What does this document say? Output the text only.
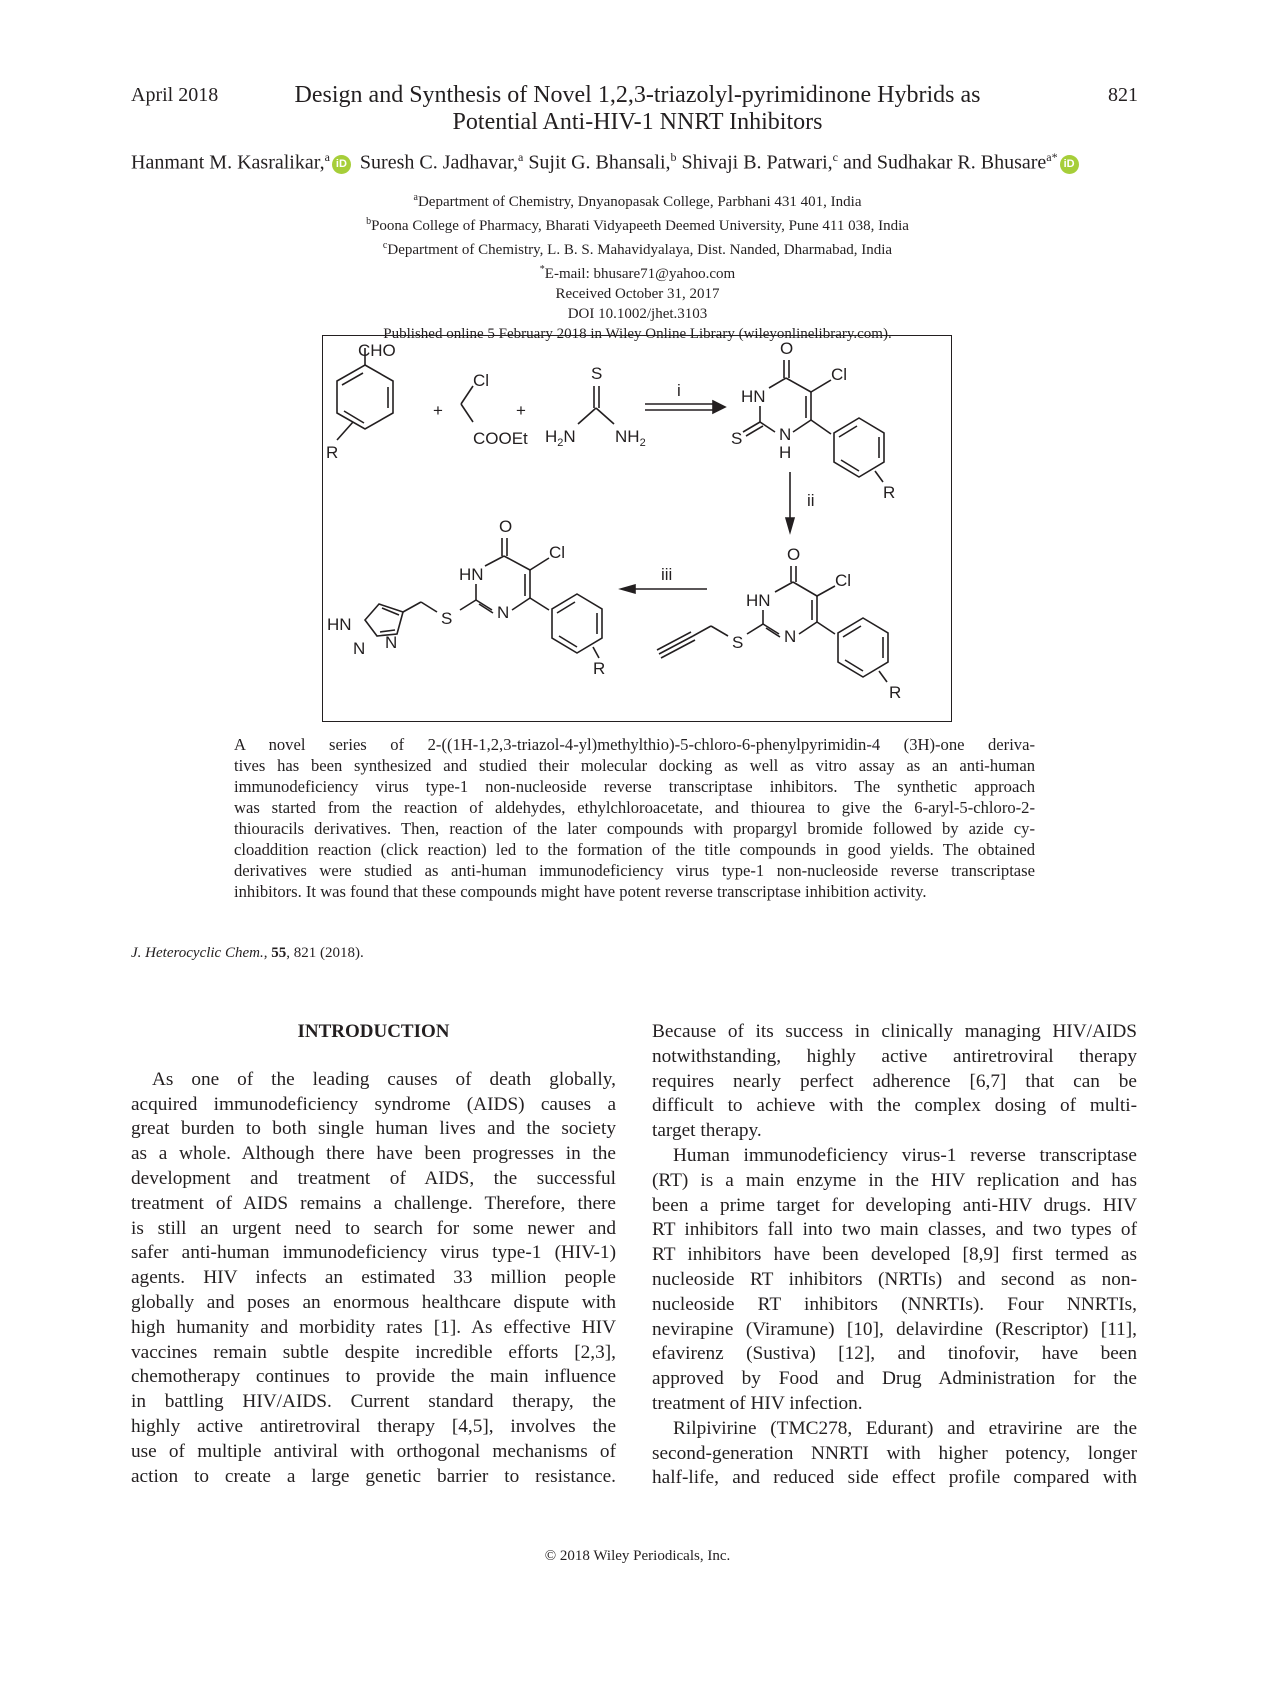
April 2018	Design and Synthesis of Novel 1,2,3-triazolyl-pyrimidinone Hybrids as
Potential Anti-HIV-1 NNRT Inhibitors
821
Hanmant M. Kasralikar,$^a$ iD Suresh C. Jadhavar,$^a$ Sujit G. Bhansali,$^b$ Shivaji B. Patwari,$^c$ and Sudhakar R. Bhusare$^{a*}$ iD
$^a$Department of Chemistry, Dnyanopasak College, Parbhani 431 401, India
$^b$Poona College of Pharmacy, Bharati Vidyapeeth Deemed University, Pune 411 038, India
$^c$Department of Chemistry, L. B. S. Mahavidyalaya, Dist. Nanded, Dharmabad, India
*E-mail: bhusare71@yahoo.com
Received October 31, 2017
DOI 10.1002/jhet.3103
Published online 5 February 2018 in Wiley Online Library (wileyonlinelibrary.com).
CHO
R
+
Cl
COOEt
+
S
$H_2N$ $NH_2$
i
O
HN
N
H
S
Cl
R
ii
O
HN
N
S
Cl
R
iii
O
HN
N
S
Cl
HN
N N
R
A novel series of 2-((1H-1,2,3-triazol-4-yl)methylthio)-5-chloro-6-phenylpyrimidin-4 (3H)-one deriva-
tives has been synthesized and studied their molecular docking as well as vitro assay as an anti-human
immunodeficiency virus type-1 non-nucleoside reverse transcriptase inhibitors. The synthetic approach
was started from the reaction of aldehydes, ethylchloroacetate, and thiourea to give the 6-aryl-5-chloro-2-
thiouracils derivatives. Then, reaction of the later compounds with propargyl bromide followed by azide cy-
cloaddition reaction (click reaction) led to the formation of the title compounds in good yields. The obtained
derivatives were studied as anti-human immunodeficiency virus type-1 non-nucleoside reverse transcriptase
inhibitors. It was found that these compounds might have potent reverse transcriptase inhibition activity.
J. Heterocyclic Chem., 55, 821 (2018).
INTRODUCTION
As one of the leading causes of death globally,
acquired immunodeficiency syndrome (AIDS) causes a
great burden to both single human lives and the society
as a whole. Although there have been progresses in the
development and treatment of AIDS, the successful
treatment of AIDS remains a challenge. Therefore, there
is still an urgent need to search for some newer and
safer anti-human immunodeficiency virus type-1 (HIV-1)
agents. HIV infects an estimated 33 million people
globally and poses an enormous healthcare dispute with
high humanity and morbidity rates [1]. As effective HIV
vaccines remain subtle despite incredible efforts [2,3],
chemotherapy continues to provide the main influence
in battling HIV/AIDS. Current standard therapy, the
highly active antiretroviral therapy [4,5], involves the
use of multiple antiviral with orthogonal mechanisms of
action to create a large genetic barrier to resistance.
Because of its success in clinically managing HIV/AIDS
notwithstanding, highly active antiretroviral therapy
requires nearly perfect adherence [6,7] that can be
difficult to achieve with the complex dosing of multi-
target therapy.
Human immunodeficiency virus-1 reverse transcriptase
(RT) is a main enzyme in the HIV replication and has
been a prime target for developing anti-HIV drugs. HIV
RT inhibitors fall into two main classes, and two types of
RT inhibitors have been developed [8,9] first termed as
nucleoside RT inhibitors (NRTIs) and second as non-
nucleoside RT inhibitors (NNRTIs). Four NNRTIs,
nevirapine (Viramune) [10], delavirdine (Rescriptor) [11],
efavirenz (Sustiva) [12], and tinofovir, have been
approved by Food and Drug Administration for the
treatment of HIV infection.
Rilpivirine (TMC278, Edurant) and etravirine are the
second-generation NNRTI with higher potency, longer
half-life, and reduced side effect profile compared with
© 2018 Wiley Periodicals, Inc.
